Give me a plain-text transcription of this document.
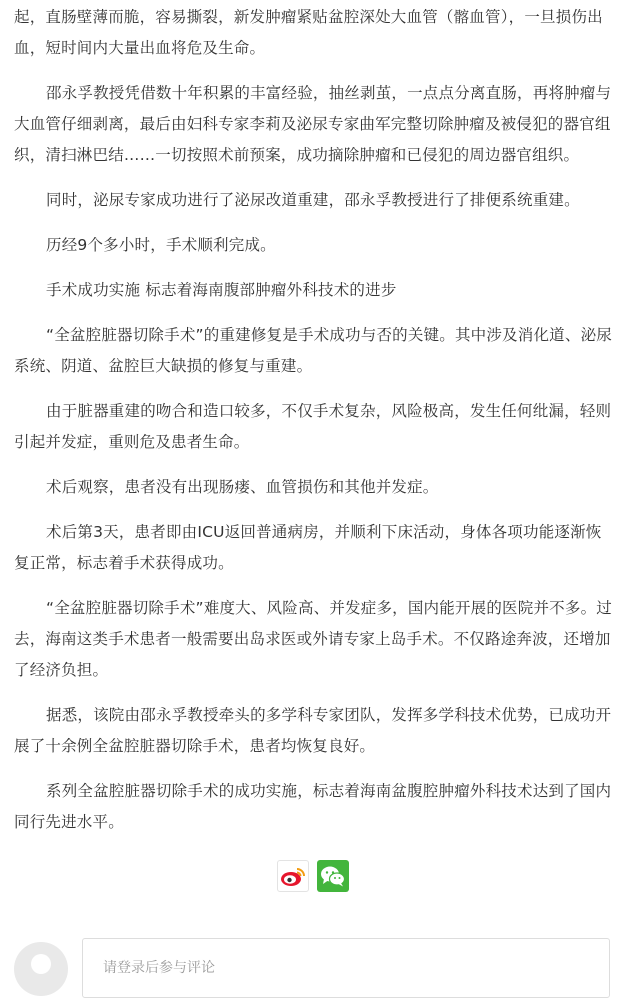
起，直肠壁薄而脆，容易撕裂，新发肿瘤紧贴盆腔深处大血管（髂血管），一旦损伤出血，短时间内大量出血将危及生命。

邵永孚教授凭借数十年积累的丰富经验，抽丝剥茧，一点点分离直肠，再将肿瘤与大血管仔细剥离，最后由妇科专家李莉及泌尿专家曲军完整切除肿瘤及被侵犯的器官组织，清扫淋巴结……一切按照术前预案，成功摘除肿瘤和已侵犯的周边器官组织。

同时，泌尿专家成功进行了泌尿改道重建，邵永孚教授进行了排便系统重建。

历经9个多小时，手术顺利完成。

手术成功实施 标志着海南腹部肿瘤外科技术的进步

“全盆腔脏器切除手术”的重建修复是手术成功与否的关键。其中涉及消化道、泌尿系统、阴道、盆腔巨大缺损的修复与重建。

由于脏器重建的吻合和造口较多，不仅手术复杂，风险极高，发生任何纰漏，轻则引起并发症，重则危及患者生命。

术后观察，患者没有出现肠瘘、血管损伤和其他并发症。

术后第3天，患者即由ICU返回普通病房，并顺利下床活动，身体各项功能逐渐恢复正常，标志着手术获得成功。

“全盆腔脏器切除手术”难度大、风险高、并发症多，国内能开展的医院并不多。过去，海南这类手术患者一般需要出岛求医或外请专家上岛手术。不仅路途奔波，还增加了经济负担。

据悉，该院由邵永孚教授牵头的多学科专家团队，发挥多学科技术优势，已成功开展了十余例全盆腔脏器切除手术，患者均恢复良好。

系列全盆腔脏器切除手术的成功实施，标志着海南盆腹腔肿瘤外科技术达到了国内同行先进水平。

请登录后参与评论
